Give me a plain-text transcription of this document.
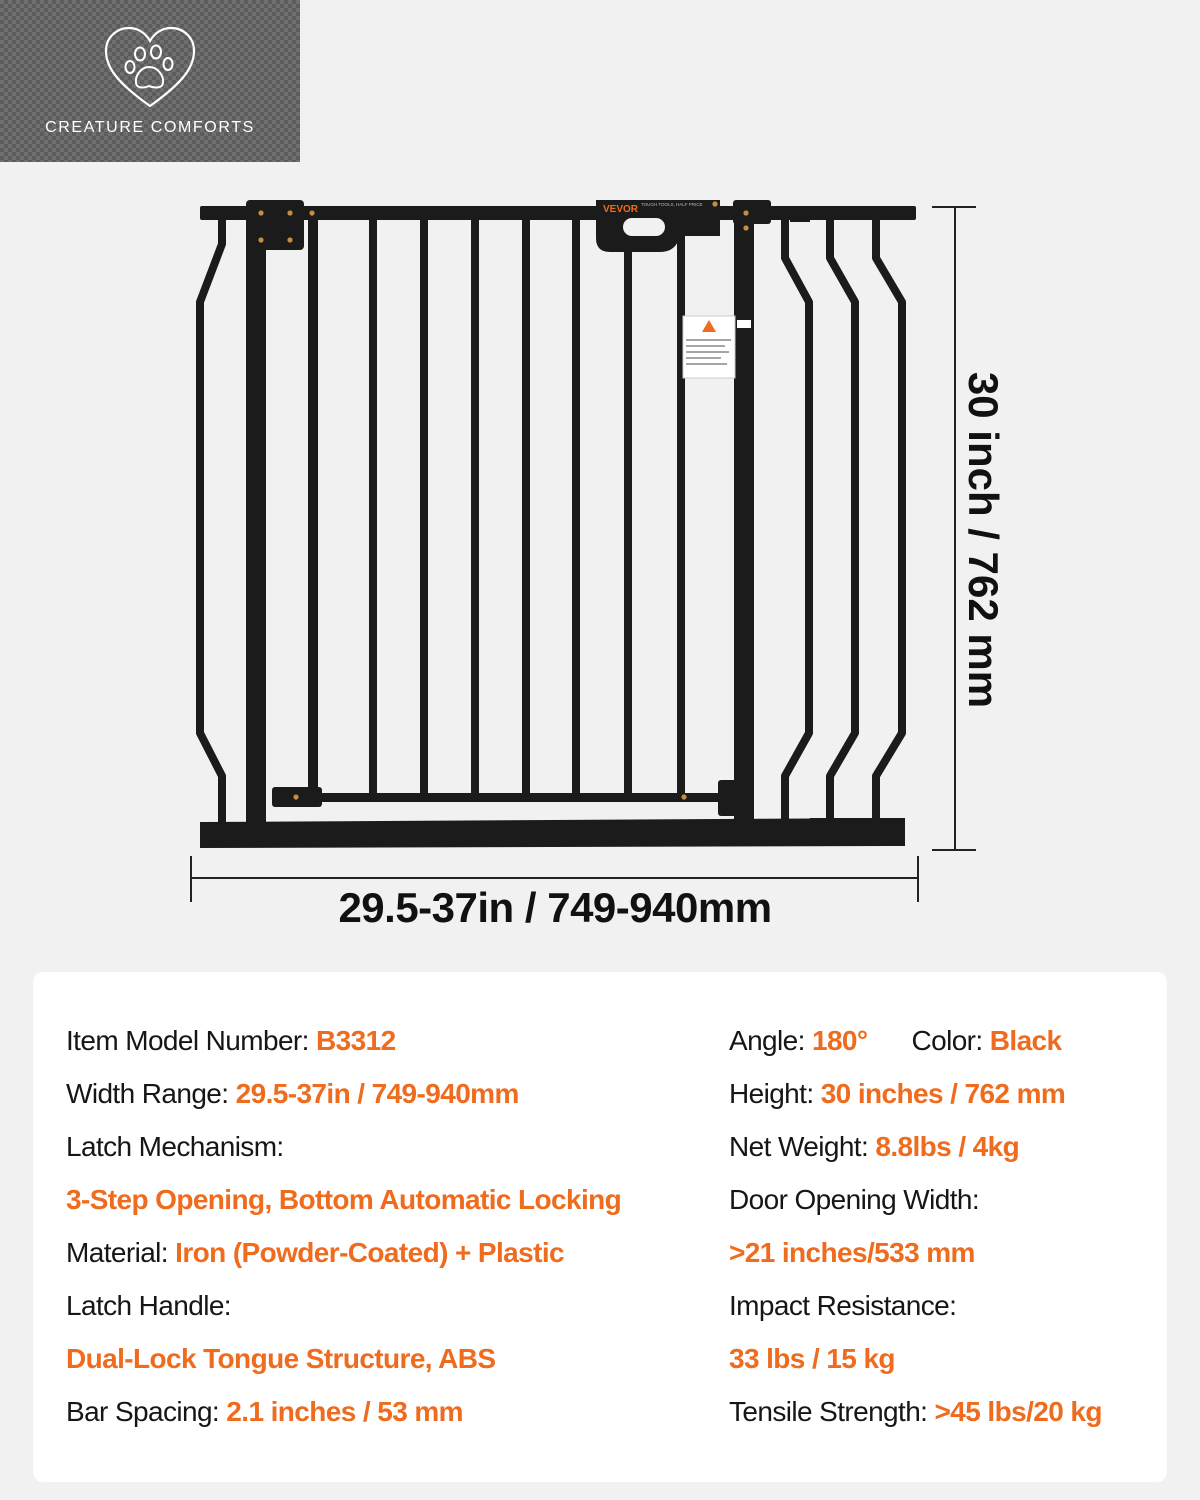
CREATURE COMFORTS
VEVOR TOUGH TOOLS, HALF PRICE
29.5-37in / 749-940mm
30 inch / 762 mm
Item Model Number: B3312
Width Range: 29.5-37in / 749-940mm
Latch Mechanism:
3-Step Opening, Bottom Automatic Locking
Material: Iron (Powder-Coated) + Plastic
Latch Handle:
Dual-Lock Tongue Structure, ABS
Bar Spacing: 2.1 inches / 53 mm
Angle: 180° Color: Black
Height: 30 inches / 762 mm
Net Weight: 8.8lbs / 4kg
Door Opening Width:
>21 inches/533 mm
Impact Resistance:
33 lbs / 15 kg
Tensile Strength: >45 lbs/20 kg
